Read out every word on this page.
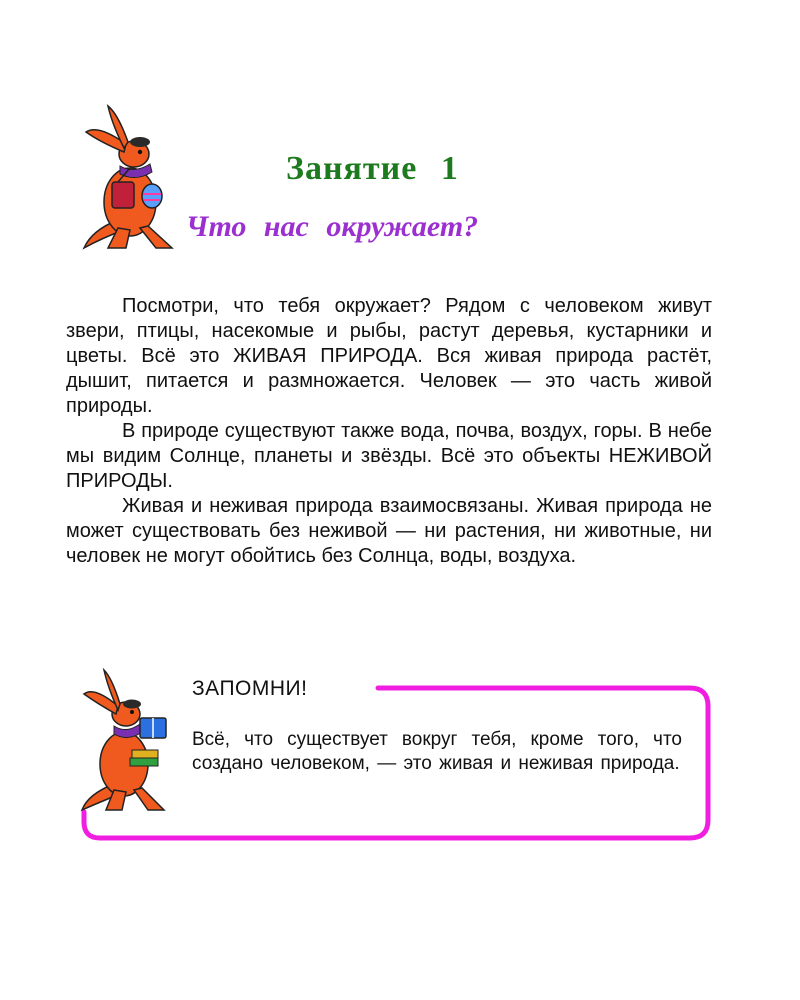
Занятие 1
Что нас окружает?

Посмотри, что тебя окружает? Рядом с человеком живут звери, птицы, насекомые и рыбы, растут деревья, кустарники и цветы. Всё это ЖИВАЯ ПРИРОДА. Вся живая природа растёт, дышит, питается и размножается. Человек — это часть живой природы.

В природе существуют также вода, почва, воздух, горы. В небе мы видим Солнце, планеты и звёзды. Всё это объекты НЕЖИВОЙ ПРИРОДЫ.

Живая и неживая природа взаимосвязаны. Живая природа не может существовать без неживой — ни растения, ни животные, ни человек не могут обойтись без Солнца, воды, воздуха.

ЗАПОМНИ!
Всё, что существует вокруг тебя, кроме того, что создано человеком, — это живая и неживая природа.
